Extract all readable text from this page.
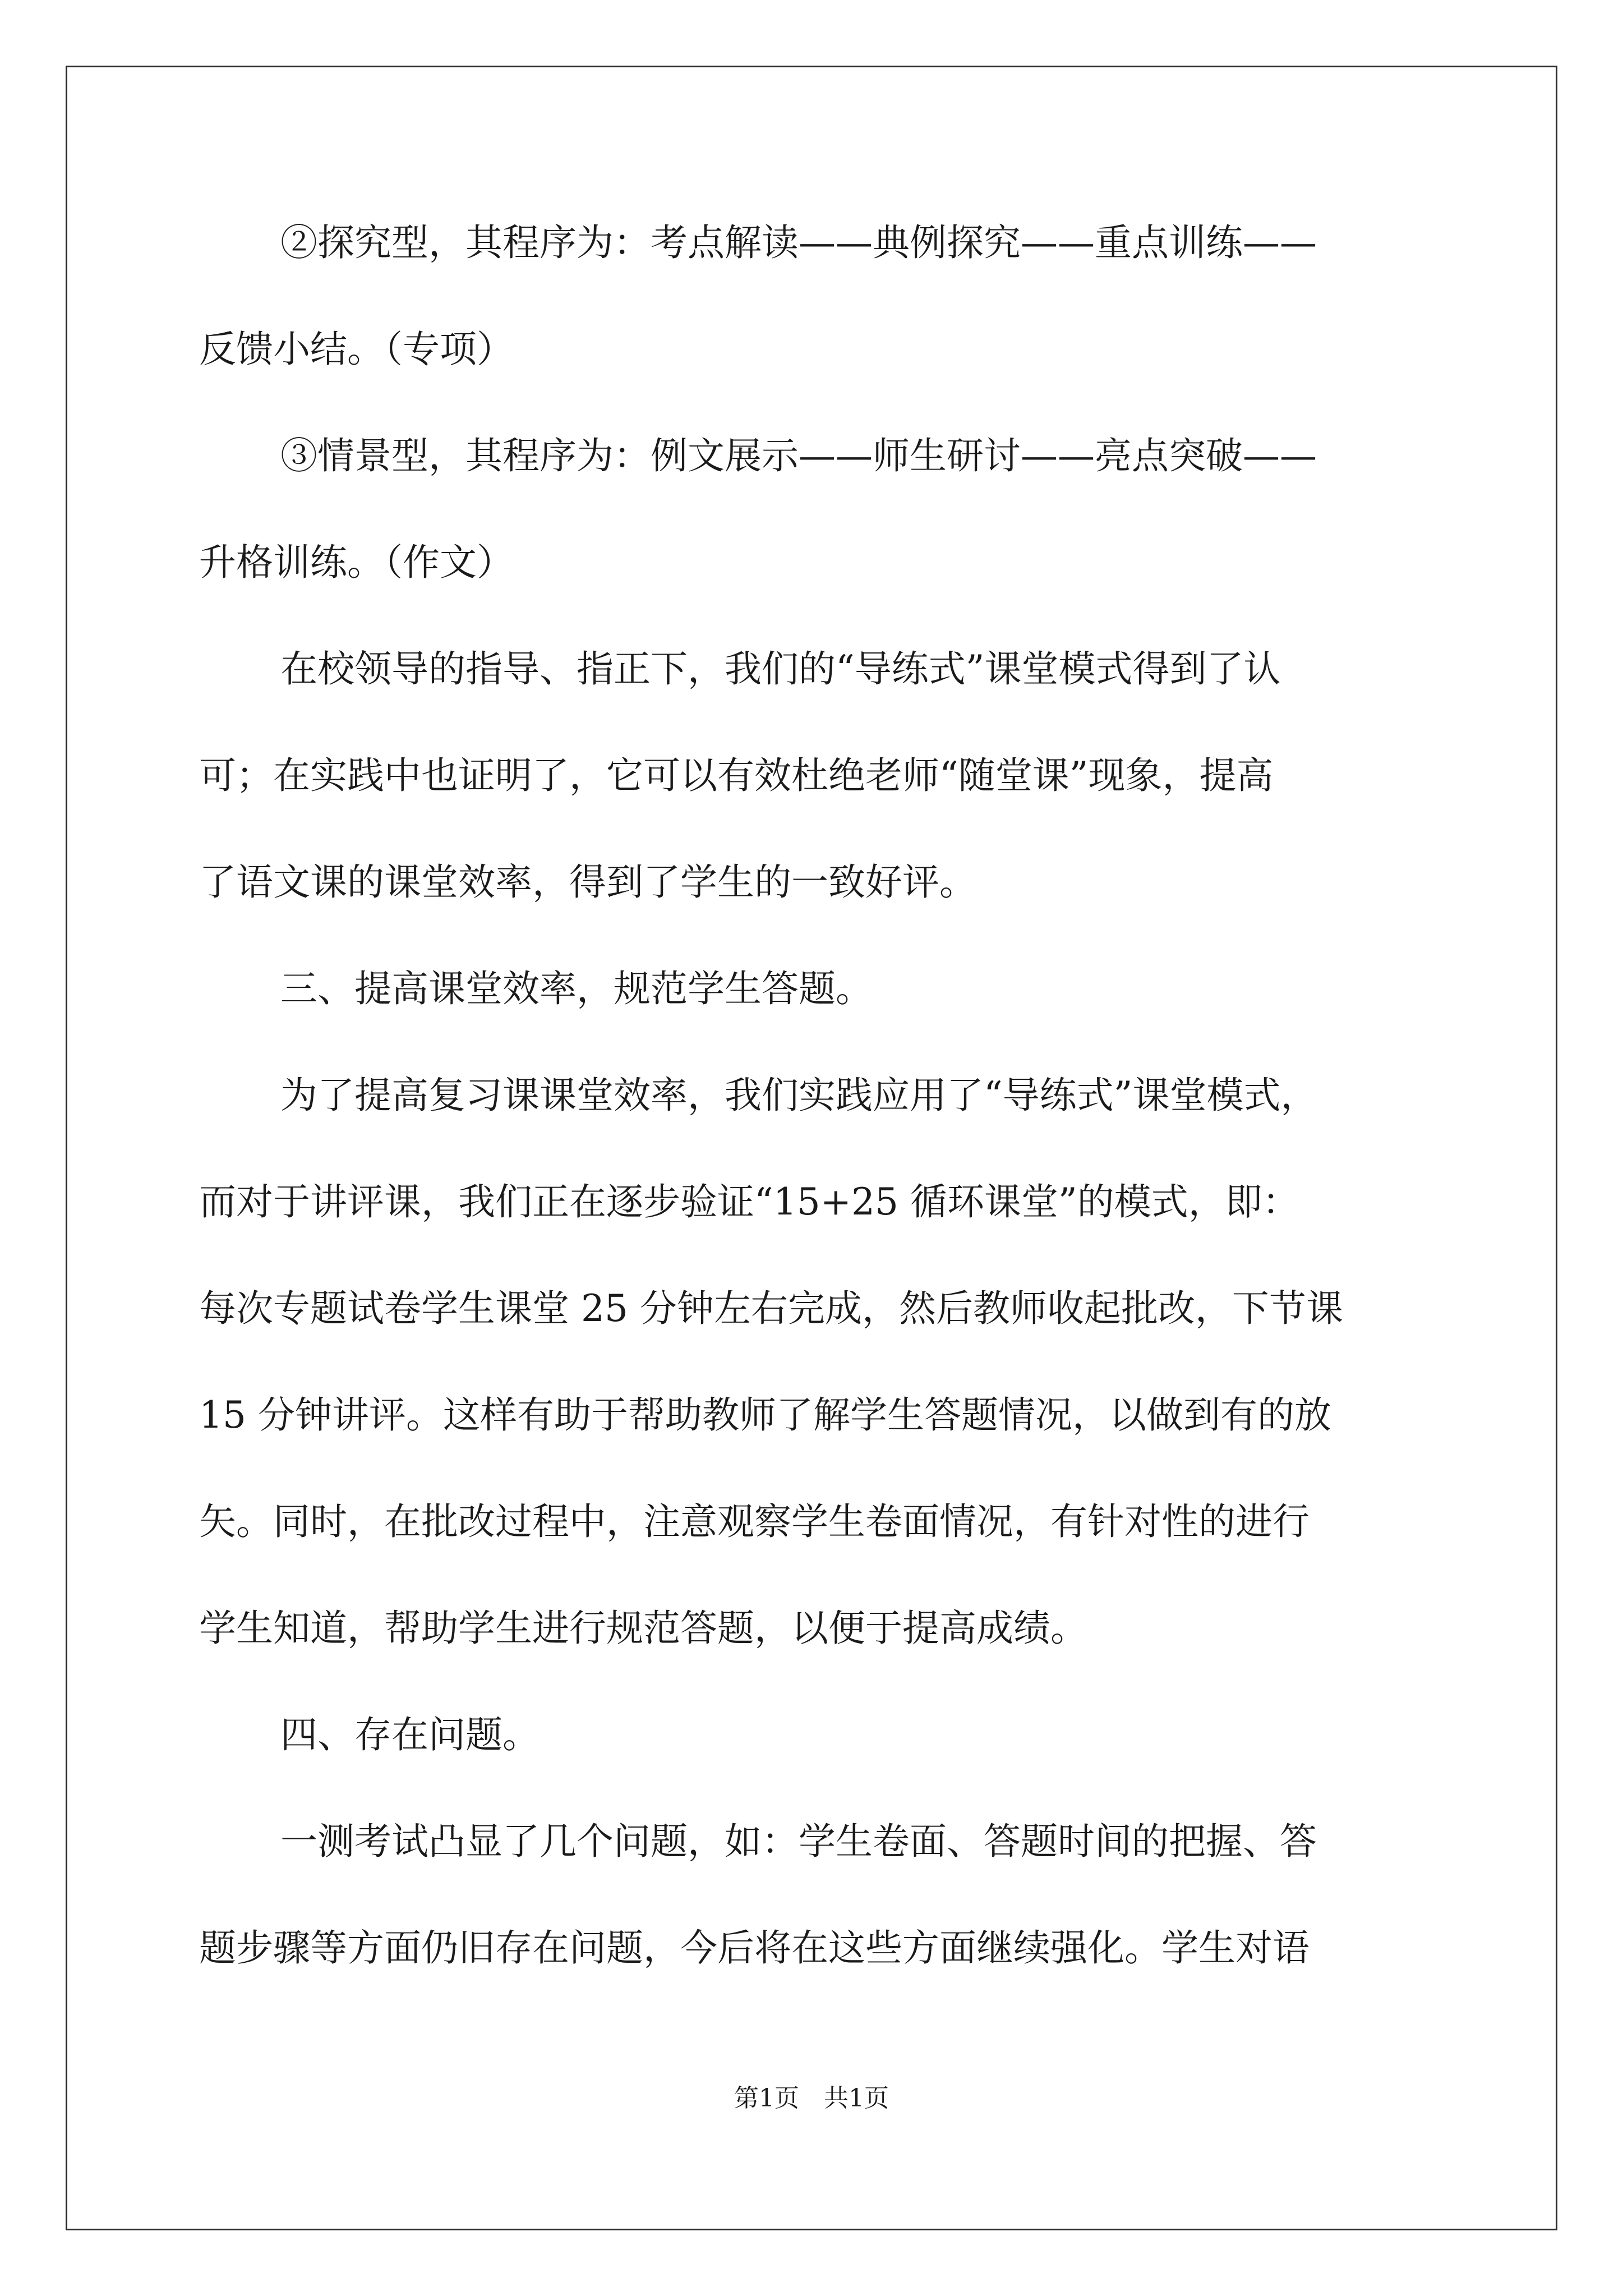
②探究型，其程序为：考点解读——典例探究——重点训练——
反馈小结。（专项）
③情景型，其程序为：例文展示——师生研讨——亮点突破——
升格训练。（作文）
在校领导的指导、指正下，我们的“导练式”课堂模式得到了认
可；在实践中也证明了，它可以有效杜绝老师“随堂课”现象，提高
了语文课的课堂效率，得到了学生的一致好评。
三、提高课堂效率，规范学生答题。
为了提高复习课课堂效率，我们实践应用了“导练式”课堂模式，
而对于讲评课，我们正在逐步验证“15+25 循环课堂”的模式，即：
每次专题试卷学生课堂 25 分钟左右完成，然后教师收起批改，下节课
15 分钟讲评。这样有助于帮助教师了解学生答题情况，以做到有的放
矢。同时，在批改过程中，注意观察学生卷面情况，有针对性的进行
学生知道，帮助学生进行规范答题，以便于提高成绩。
四、存在问题。
一测考试凸显了几个问题，如：学生卷面、答题时间的把握、答
题步骤等方面仍旧存在问题，今后将在这些方面继续强化。学生对语
第1页　共1页
